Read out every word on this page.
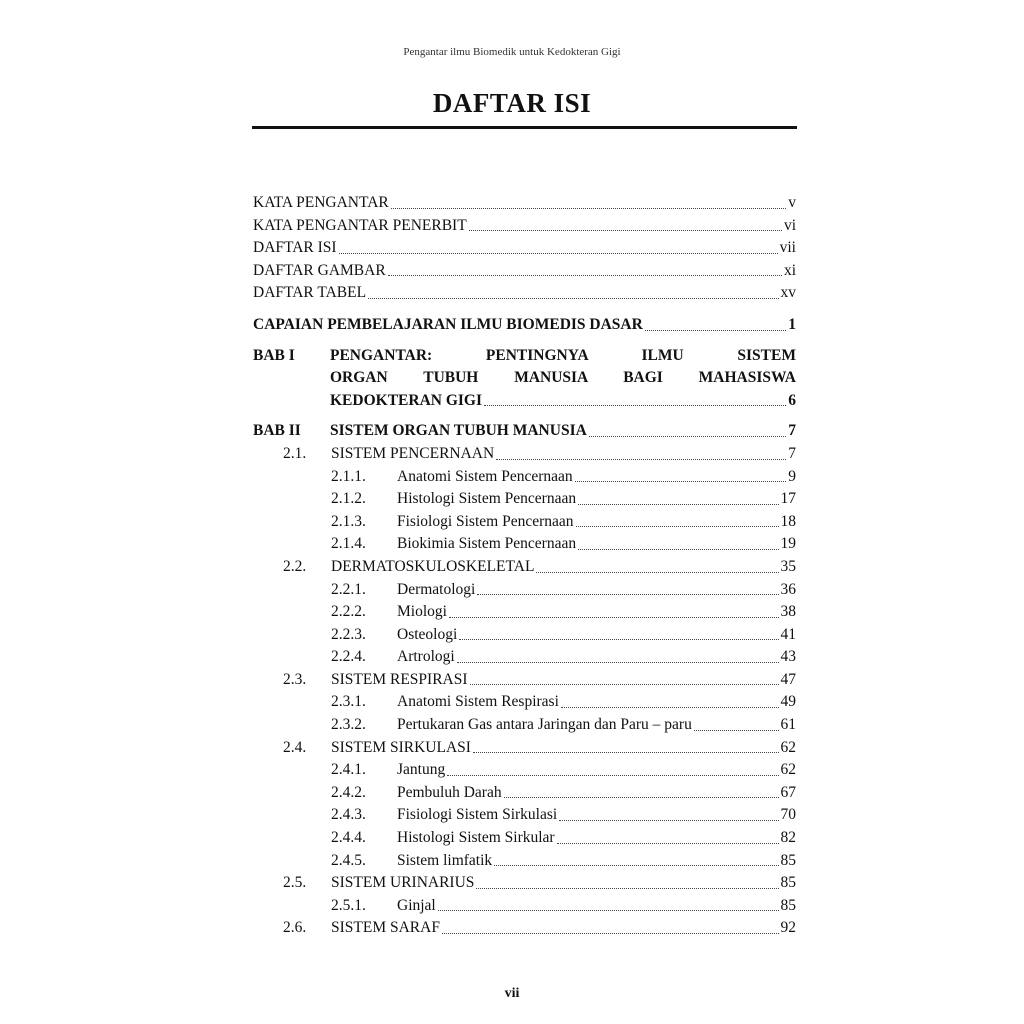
Pengantar ilmu Biomedik untuk Kedokteran Gigi
DAFTAR ISI
KATA PENGANTAR	v
KATA PENGANTAR PENERBIT	vi
DAFTAR ISI	vii
DAFTAR GAMBAR	xi
DAFTAR TABEL	xv
CAPAIAN PEMBELAJARAN ILMU BIOMEDIS DASAR	1
BAB I	PENGANTAR: PENTINGNYA ILMU SISTEM
ORGAN TUBUH MANUSIA BAGI MAHASISWA
KEDOKTERAN GIGI	6
BAB II	SISTEM ORGAN TUBUH MANUSIA	7
2.1.	SISTEM PENCERNAAN	7
2.1.1.	Anatomi Sistem Pencernaan	9
2.1.2.	Histologi Sistem Pencernaan	17
2.1.3.	Fisiologi Sistem Pencernaan	18
2.1.4.	Biokimia Sistem Pencernaan	19
2.2.	DERMATOSKULOSKELETAL	35
2.2.1.	Dermatologi	36
2.2.2.	Miologi	38
2.2.3.	Osteologi	41
2.2.4.	Artrologi	43
2.3.	SISTEM RESPIRASI	47
2.3.1.	Anatomi Sistem Respirasi	49
2.3.2.	Pertukaran Gas antara Jaringan dan Paru – paru	61
2.4.	SISTEM SIRKULASI	62
2.4.1.	Jantung	62
2.4.2.	Pembuluh Darah	67
2.4.3.	Fisiologi Sistem Sirkulasi	70
2.4.4.	Histologi Sistem Sirkular	82
2.4.5.	Sistem limfatik	85
2.5.	SISTEM URINARIUS	85
2.5.1.	Ginjal	85
2.6.	SISTEM SARAF	92
vii
